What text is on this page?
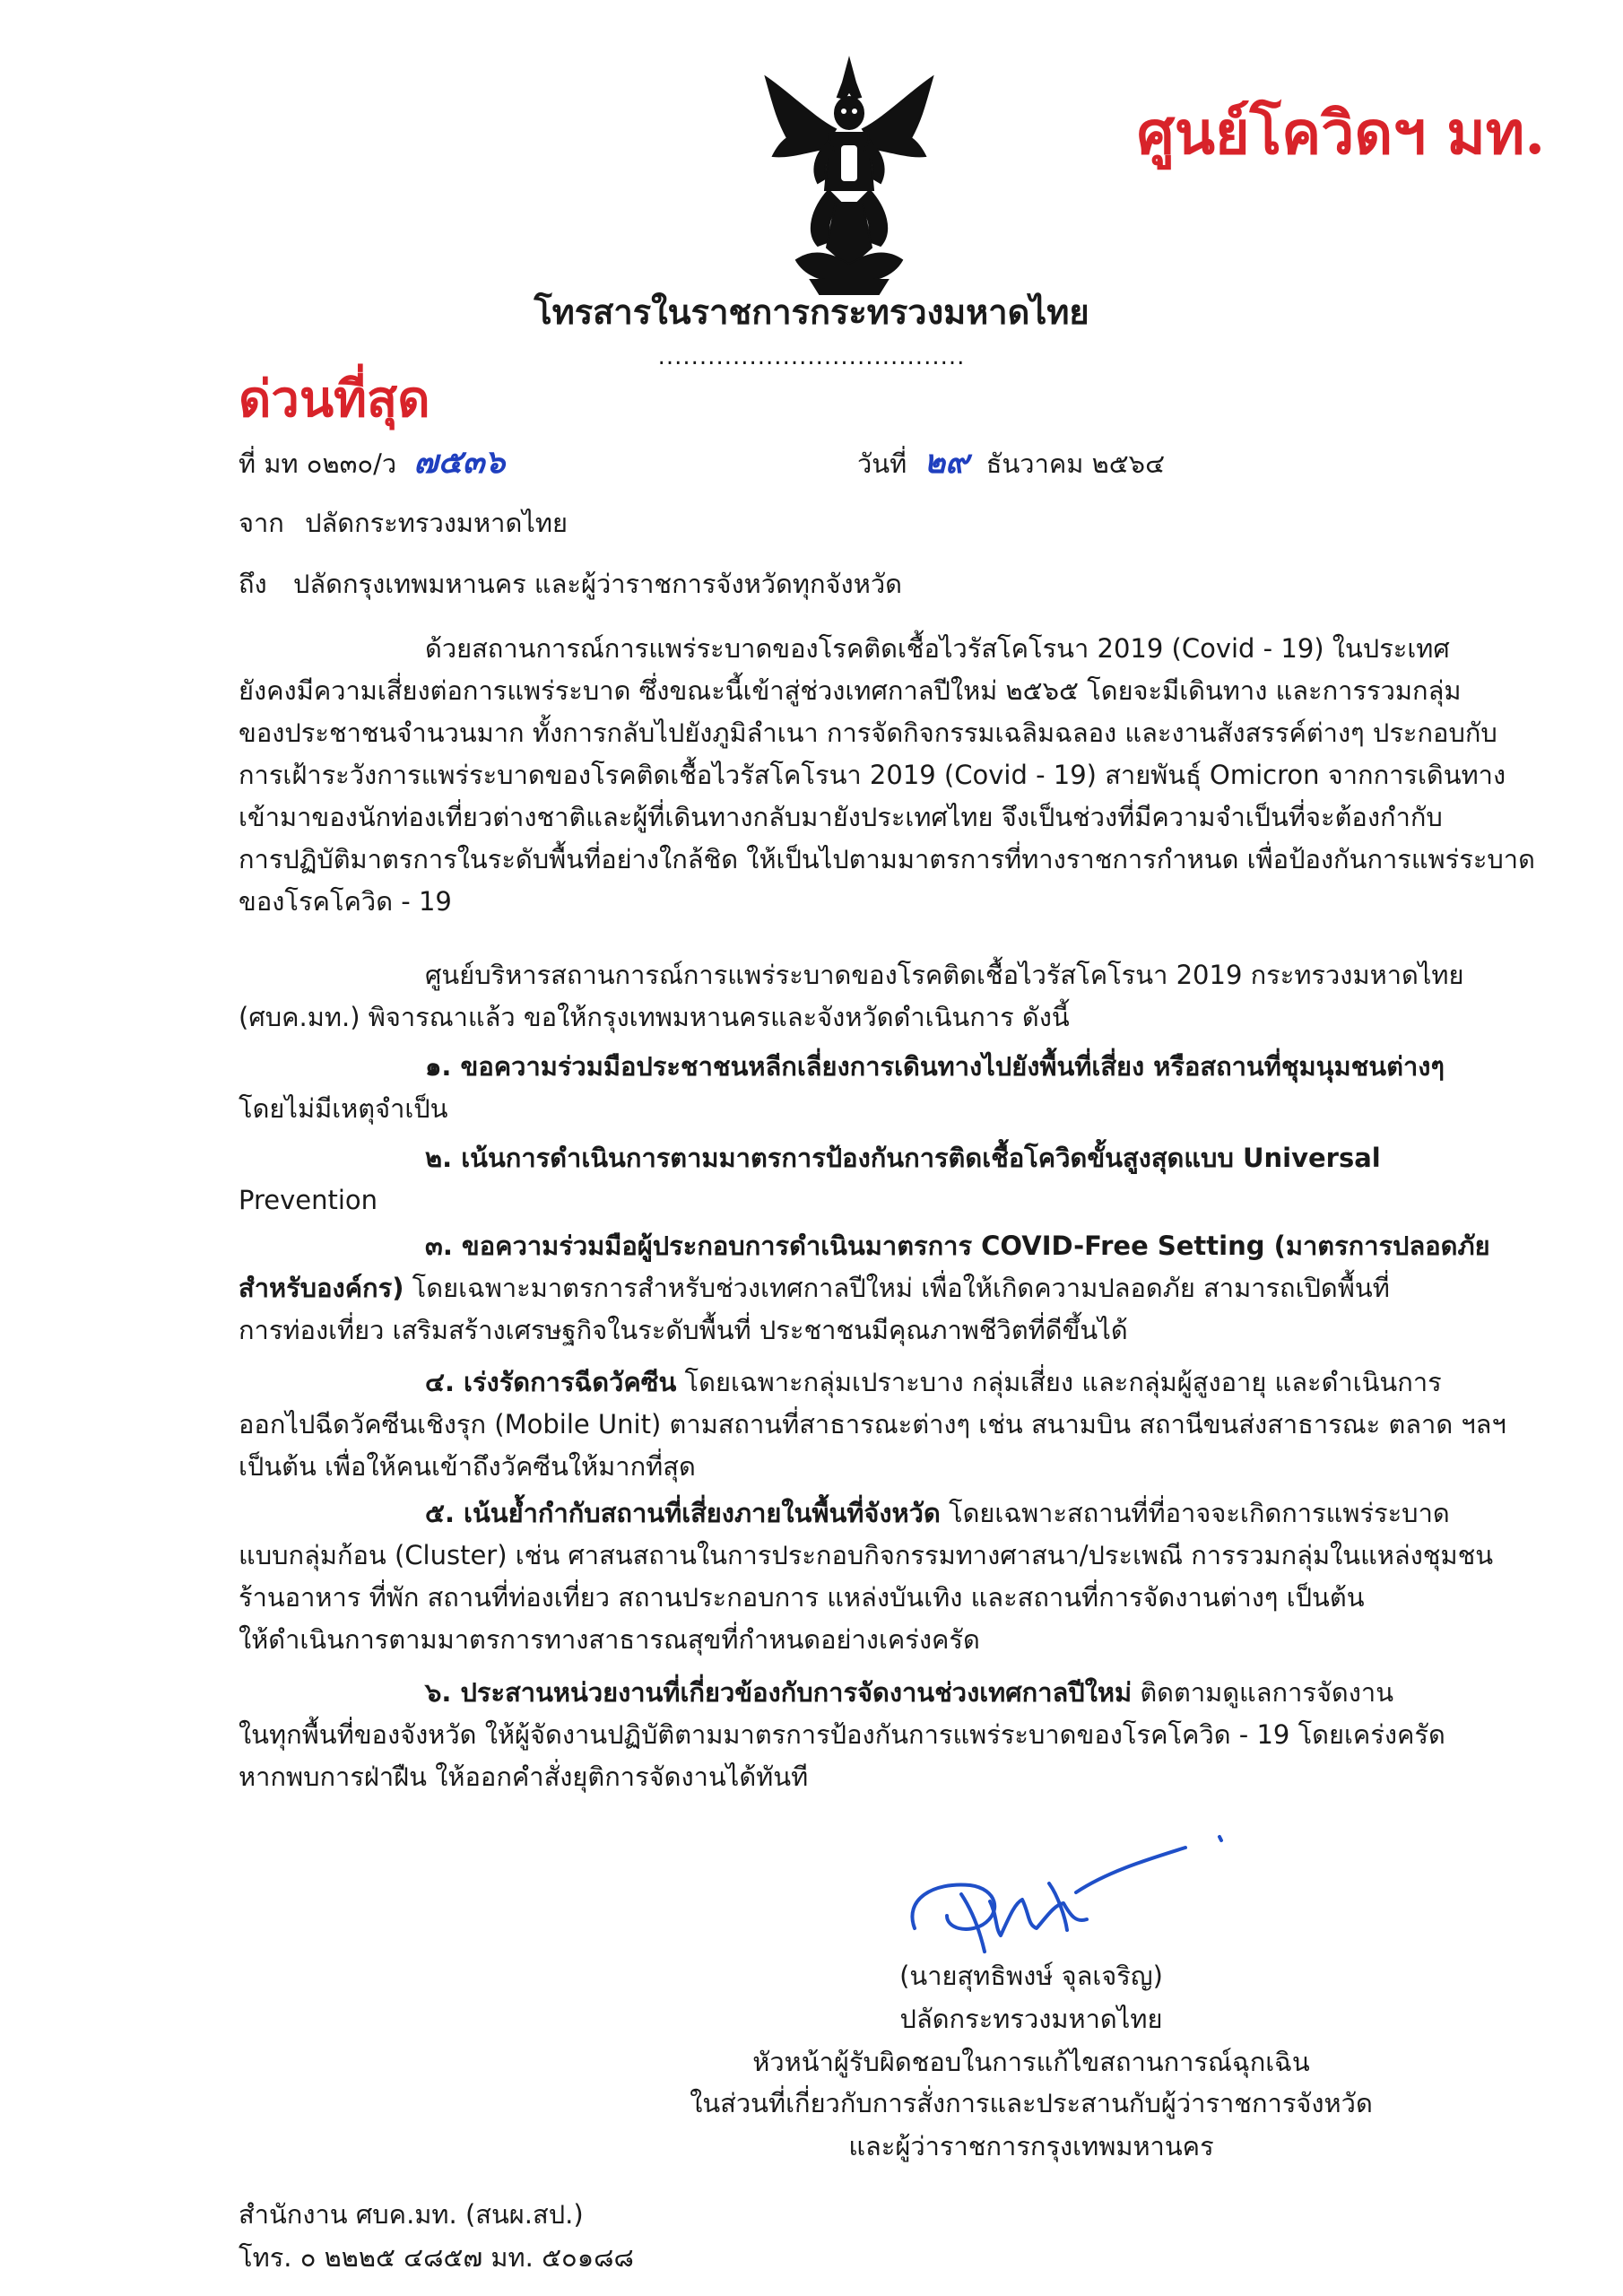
ศูนย์โควิดฯ มท.
โทรสารในราชการกระทรวงมหาดไทย
.....................................
ด่วนที่สุด
ที่ มท ๐๒๓๐/ว ๗๕๓๖	วันที่ ๒๙ ธันวาคม ๒๕๖๔
จาก ปลัดกระทรวงมหาดไทย
ถึง ปลัดกรุงเทพมหานคร และผู้ว่าราชการจังหวัดทุกจังหวัด
ด้วยสถานการณ์การแพร่ระบาดของโรคติดเชื้อไวรัสโคโรนา 2019 (Covid - 19) ในประเทศ
ยังคงมีความเสี่ยงต่อการแพร่ระบาด ซึ่งขณะนี้เข้าสู่ช่วงเทศกาลปีใหม่ ๒๕๖๕ โดยจะมีเดินทาง และการรวมกลุ่ม
ของประชาชนจำนวนมาก ทั้งการกลับไปยังภูมิลำเนา การจัดกิจกรรมเฉลิมฉลอง และงานสังสรรค์ต่างๆ ประกอบกับ
การเฝ้าระวังการแพร่ระบาดของโรคติดเชื้อไวรัสโคโรนา 2019 (Covid - 19) สายพันธุ์ Omicron จากการเดินทาง
เข้ามาของนักท่องเที่ยวต่างชาติและผู้ที่เดินทางกลับมายังประเทศไทย จึงเป็นช่วงที่มีความจำเป็นที่จะต้องกำกับ
การปฏิบัติมาตรการในระดับพื้นที่อย่างใกล้ชิด ให้เป็นไปตามมาตรการที่ทางราชการกำหนด เพื่อป้องกันการแพร่ระบาด
ของโรคโควิด - 19
ศูนย์บริหารสถานการณ์การแพร่ระบาดของโรคติดเชื้อไวรัสโคโรนา 2019 กระทรวงมหาดไทย
(ศบค.มท.) พิจารณาแล้ว ขอให้กรุงเทพมหานครและจังหวัดดำเนินการ ดังนี้
๑. ขอความร่วมมือประชาชนหลีกเลี่ยงการเดินทางไปยังพื้นที่เสี่ยง หรือสถานที่ชุมนุมชนต่างๆ
โดยไม่มีเหตุจำเป็น
๒. เน้นการดำเนินการตามมาตรการป้องกันการติดเชื้อโควิดขั้นสูงสุดแบบ Universal
Prevention
๓. ขอความร่วมมือผู้ประกอบการดำเนินมาตรการ COVID-Free Setting (มาตรการปลอดภัย
สำหรับองค์กร) โดยเฉพาะมาตรการสำหรับช่วงเทศกาลปีใหม่ เพื่อให้เกิดความปลอดภัย สามารถเปิดพื้นที่
การท่องเที่ยว เสริมสร้างเศรษฐกิจในระดับพื้นที่ ประชาชนมีคุณภาพชีวิตที่ดีขึ้นได้
๔. เร่งรัดการฉีดวัคซีน โดยเฉพาะกลุ่มเปราะบาง กลุ่มเสี่ยง และกลุ่มผู้สูงอายุ และดำเนินการ
ออกไปฉีดวัคซีนเชิงรุก (Mobile Unit) ตามสถานที่สาธารณะต่างๆ เช่น สนามบิน สถานีขนส่งสาธารณะ ตลาด ฯลฯ
เป็นต้น เพื่อให้คนเข้าถึงวัคซีนให้มากที่สุด
๕. เน้นย้ำกำกับสถานที่เสี่ยงภายในพื้นที่จังหวัด โดยเฉพาะสถานที่ที่อาจจะเกิดการแพร่ระบาด
แบบกลุ่มก้อน (Cluster) เช่น ศาสนสถานในการประกอบกิจกรรมทางศาสนา/ประเพณี การรวมกลุ่มในแหล่งชุมชน
ร้านอาหาร ที่พัก สถานที่ท่องเที่ยว สถานประกอบการ แหล่งบันเทิง และสถานที่การจัดงานต่างๆ เป็นต้น
ให้ดำเนินการตามมาตรการทางสาธารณสุขที่กำหนดอย่างเคร่งครัด
๖. ประสานหน่วยงานที่เกี่ยวข้องกับการจัดงานช่วงเทศกาลปีใหม่ ติดตามดูแลการจัดงาน
ในทุกพื้นที่ของจังหวัด ให้ผู้จัดงานปฏิบัติตามมาตรการป้องกันการแพร่ระบาดของโรคโควิด - 19 โดยเคร่งครัด
หากพบการฝ่าฝืน ให้ออกคำสั่งยุติการจัดงานได้ทันที
(นายสุทธิพงษ์ จุลเจริญ)
ปลัดกระทรวงมหาดไทย
หัวหน้าผู้รับผิดชอบในการแก้ไขสถานการณ์ฉุกเฉิน
ในส่วนที่เกี่ยวกับการสั่งการและประสานกับผู้ว่าราชการจังหวัด
และผู้ว่าราชการกรุงเทพมหานคร
สำนักงาน ศบค.มท. (สนผ.สป.)
โทร. ๐ ๒๒๒๕ ๔๘๕๗ มท. ๕๐๑๘๘
